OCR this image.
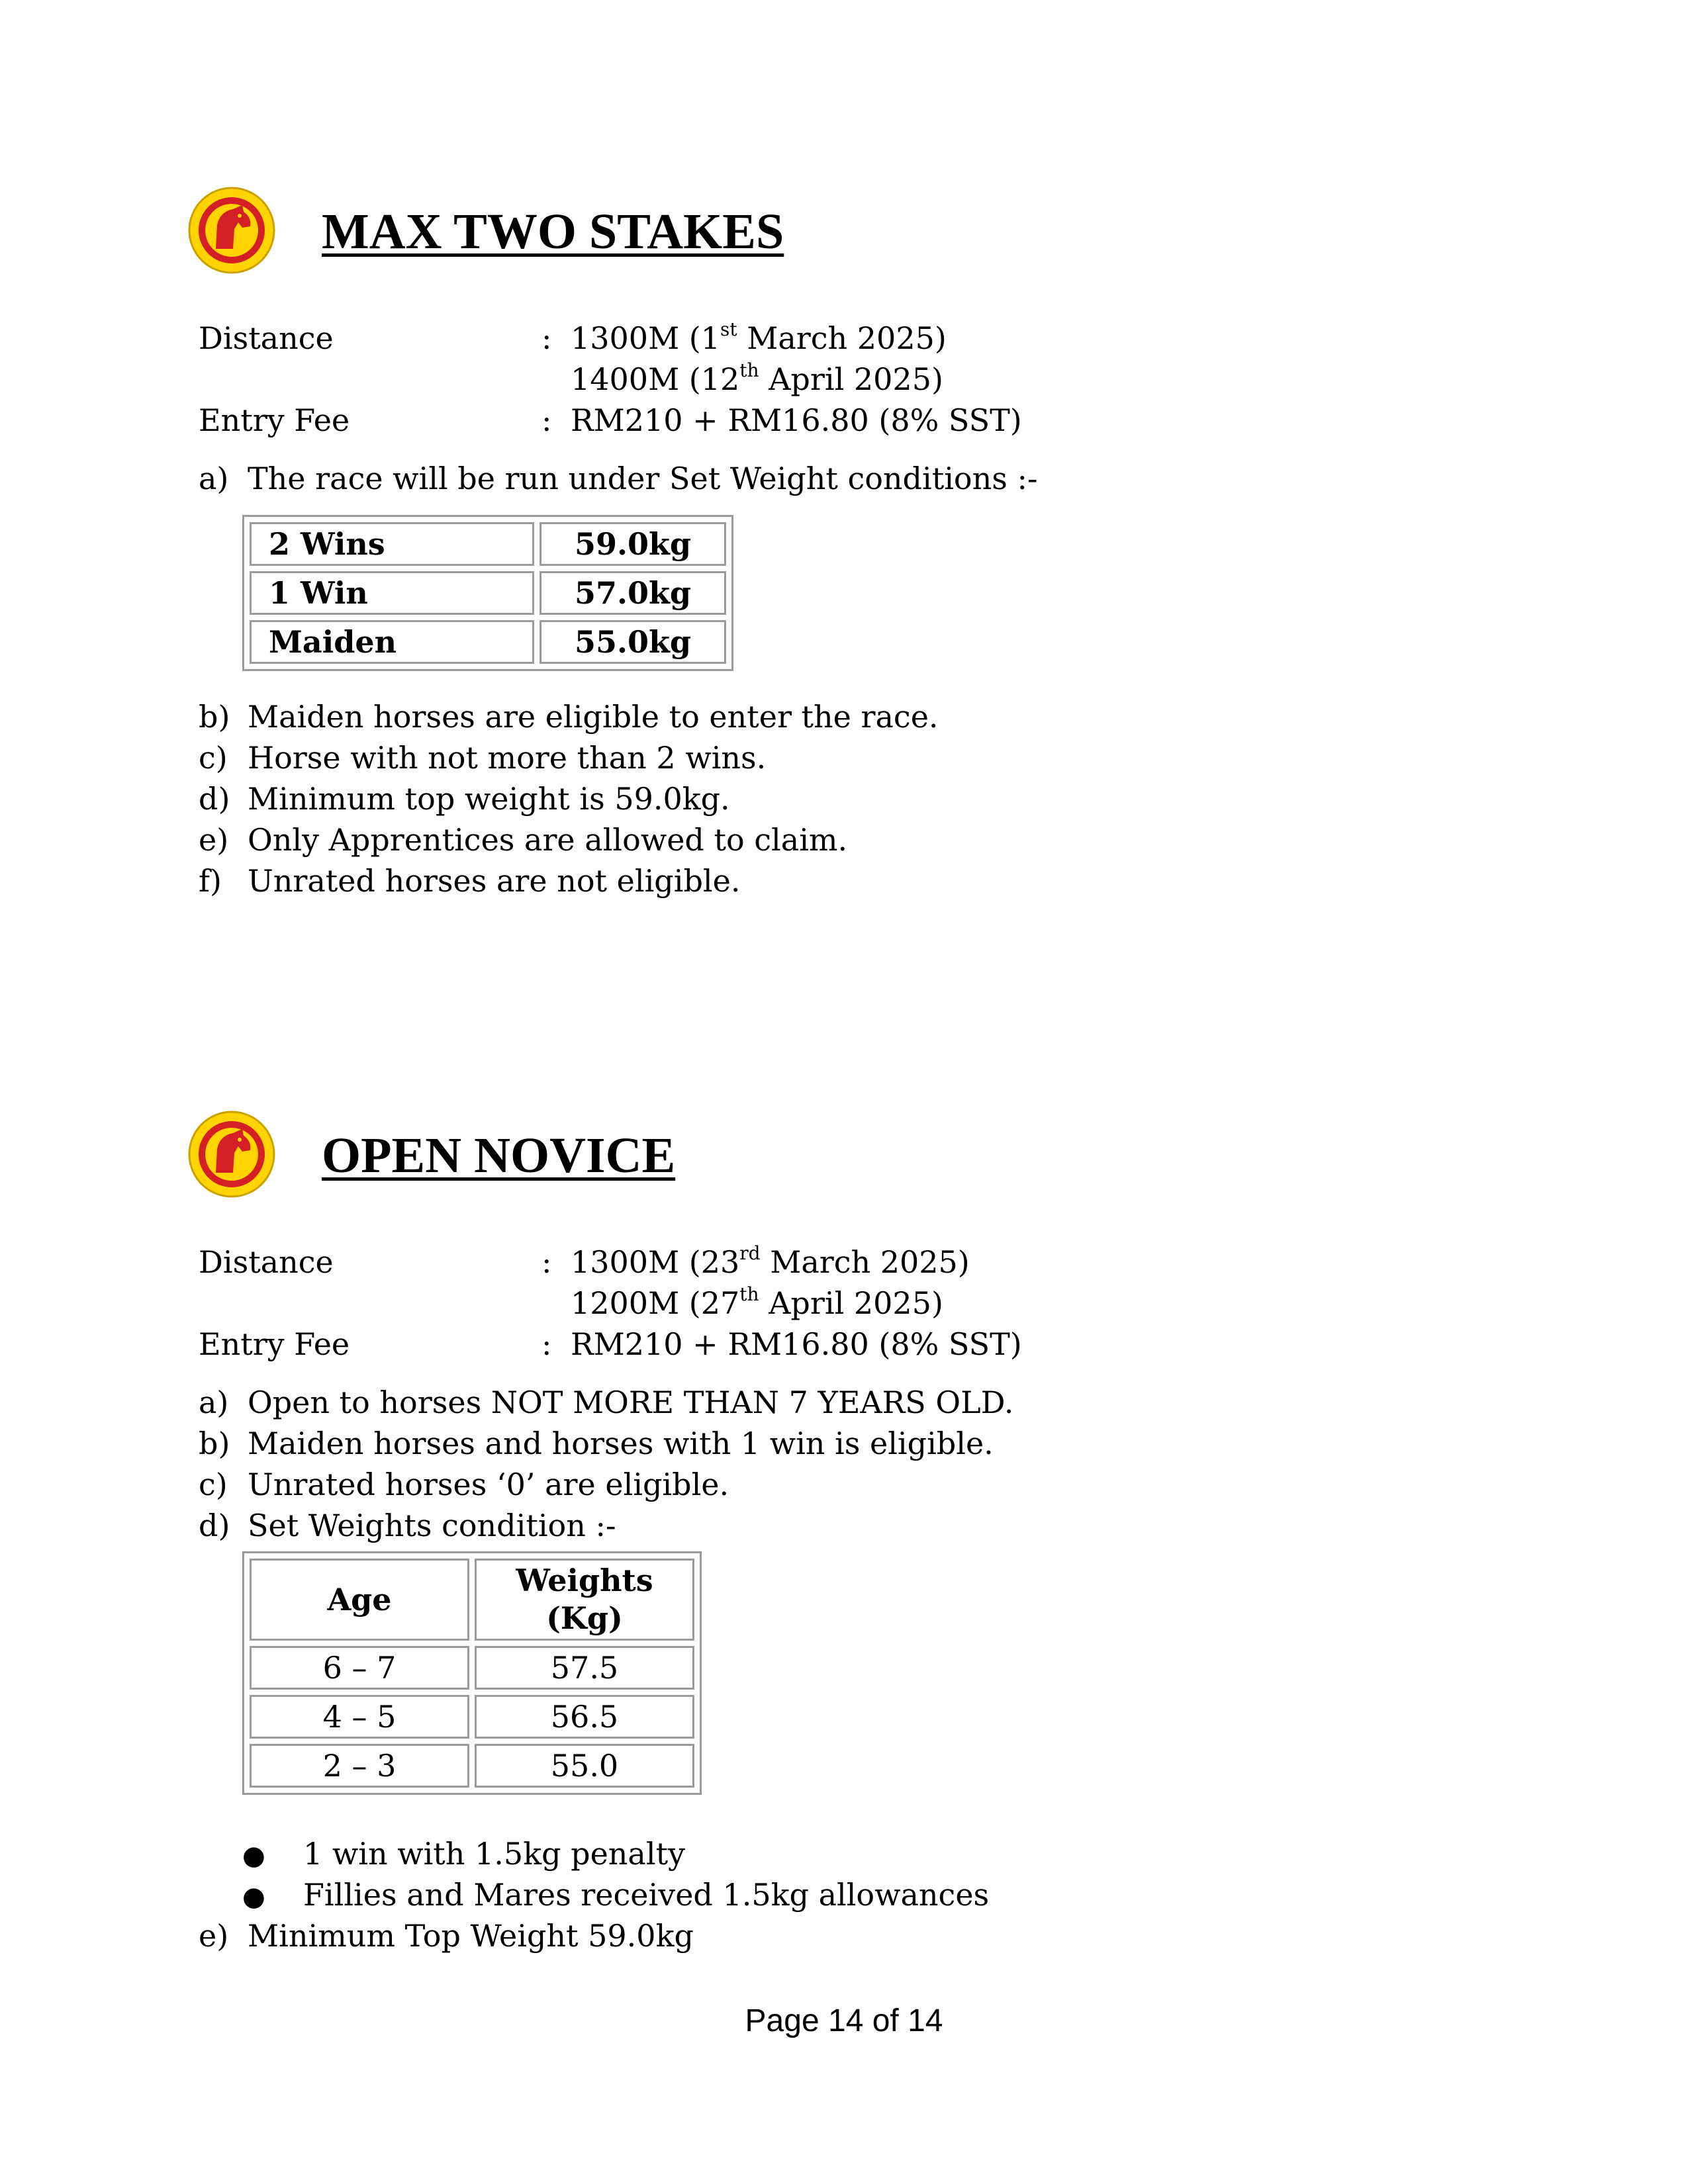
MAX TWO STAKES
Distance	: 1300M (1st March 2025)
1400M (12th April 2025)
Entry Fee	: RM210 + RM16.80 (8% SST)
a) The race will be run under Set Weight conditions :-
2 Wins	59.0kg
1 Win	57.0kg
Maiden	55.0kg
b) Maiden horses are eligible to enter the race.
c) Horse with not more than 2 wins.
d) Minimum top weight is 59.0kg.
e) Only Apprentices are allowed to claim.
f) Unrated horses are not eligible.
OPEN NOVICE
Distance	: 1300M (23rd March 2025)
1200M (27th April 2025)
Entry Fee	: RM210 + RM16.80 (8% SST)
a) Open to horses NOT MORE THAN 7 YEARS OLD.
b) Maiden horses and horses with 1 win is eligible.
c) Unrated horses ‘0’ are eligible.
d) Set Weights condition :-
Age	Weights
(Kg)
6 – 7	57.5
4 – 5	56.5
2 – 3	55.0
● 1 win with 1.5kg penalty
● Fillies and Mares received 1.5kg allowances
e) Minimum Top Weight 59.0kg
Page 14 of 14
